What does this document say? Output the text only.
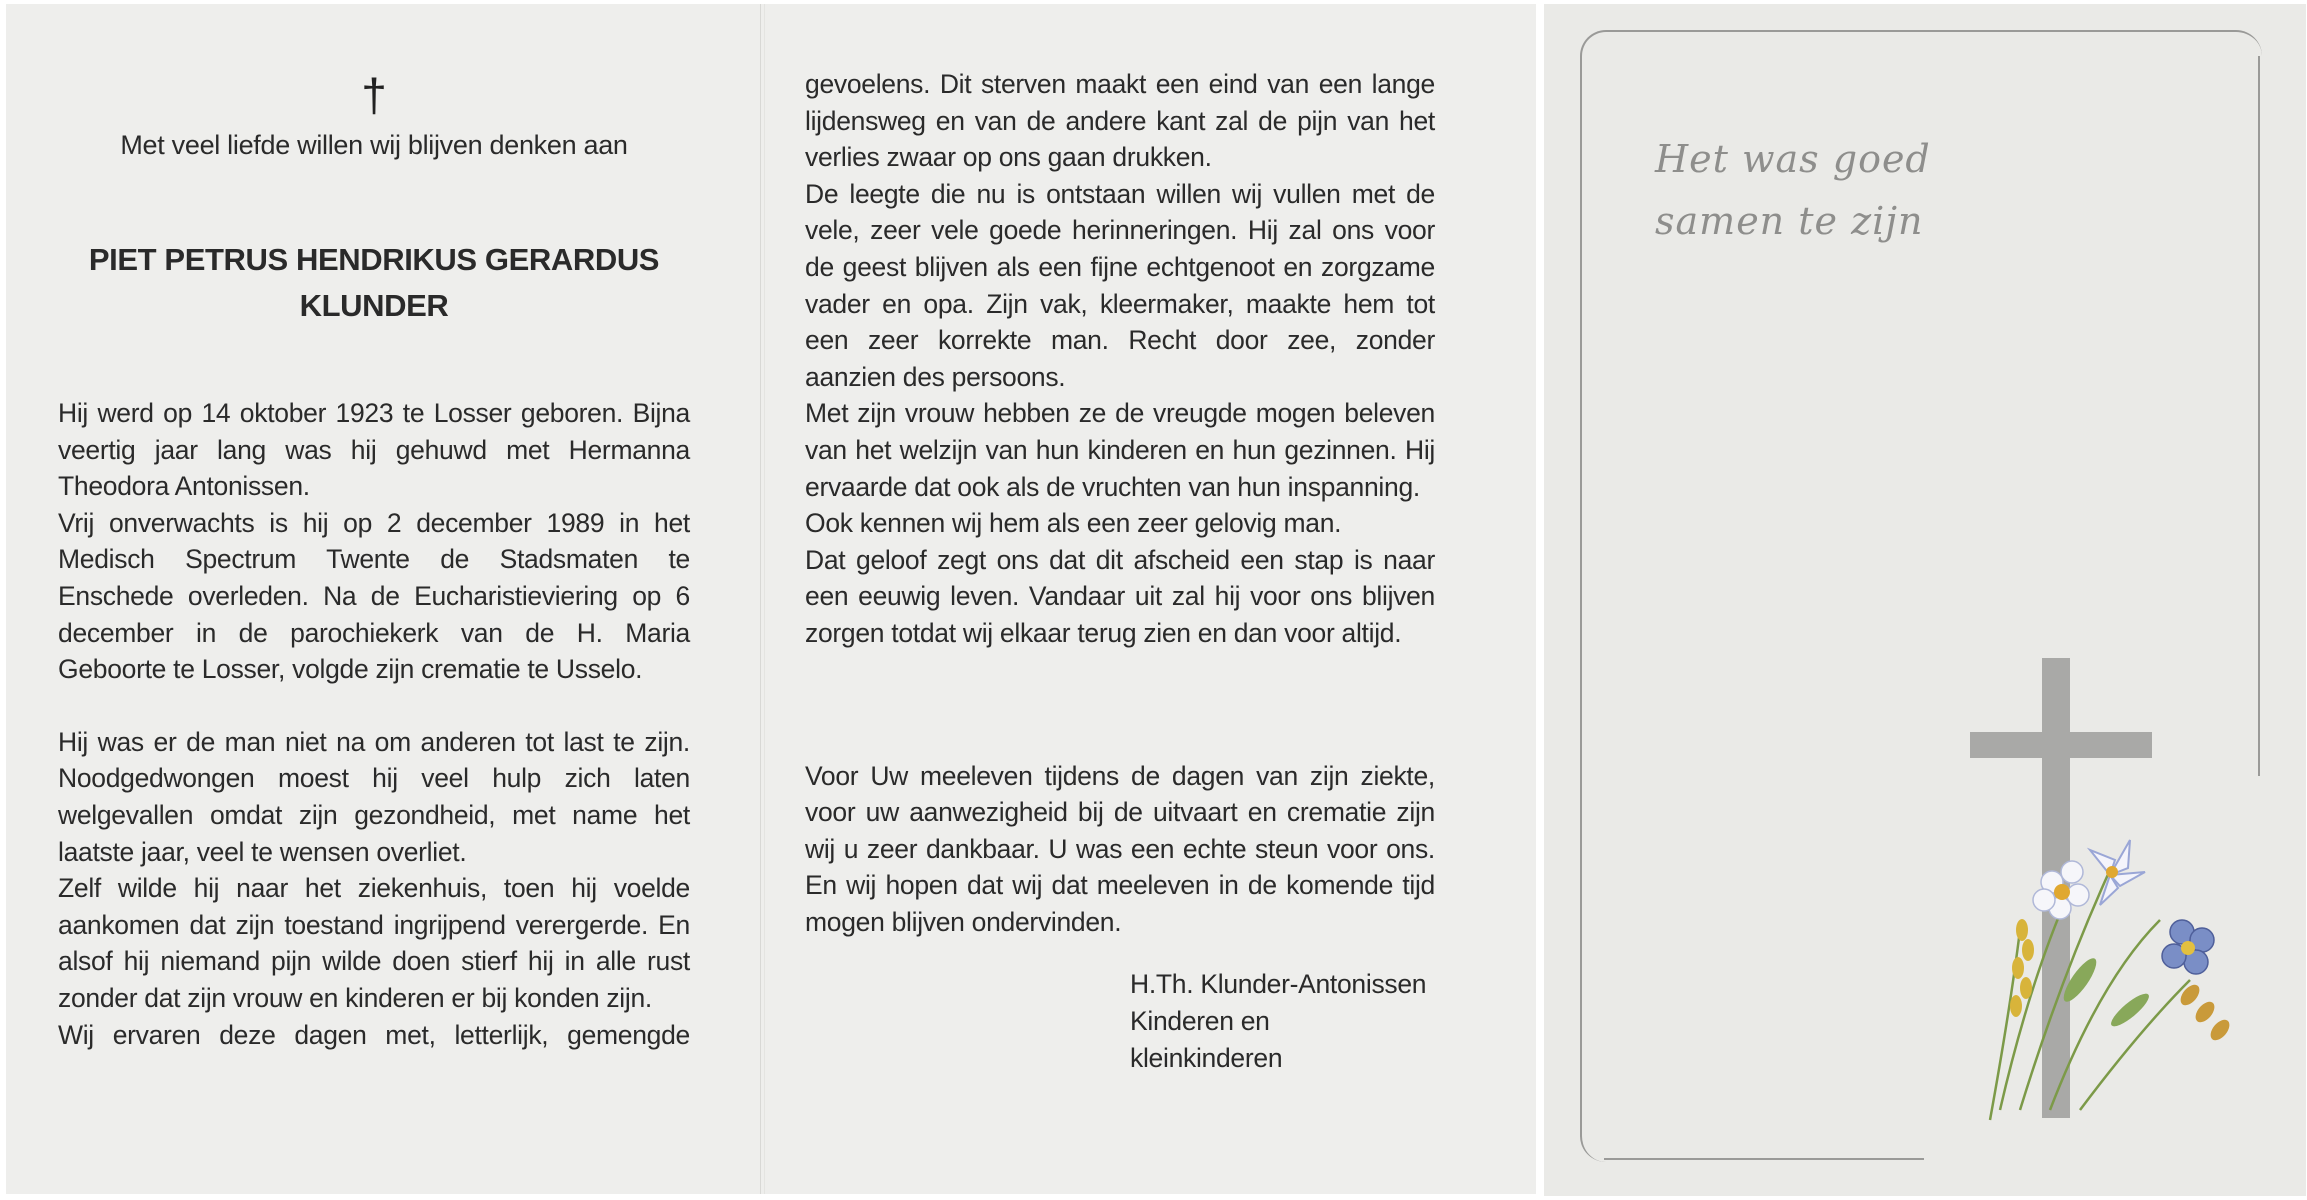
†
Met veel liefde willen wij blijven denken aan
PIET PETRUS HENDRIKUS GERARDUS
KLUNDER

Hij werd op 14 oktober 1923 te Losser geboren. Bijna veertig jaar lang was hij gehuwd met Hermanna Theodora Antonissen.

Vrij onverwachts is hij op 2 december 1989 in het Medisch Spectrum Twente de Stadsmaten te Enschede overleden. Na de Eucharistieviering op 6 december in de parochiekerk van de H. Maria Geboorte te Losser, volgde zijn crematie te Usselo.

Hij was er de man niet na om anderen tot last te zijn. Noodgedwongen moest hij veel hulp zich laten welgevallen omdat zijn gezondheid, met name het laatste jaar, veel te wensen overliet.

Zelf wilde hij naar het ziekenhuis, toen hij voelde aankomen dat zijn toestand ingrijpend verergerde. En alsof hij niemand pijn wilde doen stierf hij in alle rust zonder dat zijn vrouw en kinderen er bij konden zijn.

Wij ervaren deze dagen met, letterlijk, gemengde

gevoelens. Dit sterven maakt een eind van een lange lijdensweg en van de andere kant zal de pijn van het verlies zwaar op ons gaan drukken.

De leegte die nu is ontstaan willen wij vullen met de vele, zeer vele goede herinneringen. Hij zal ons voor de geest blijven als een fijne echtgenoot en zorgzame vader en opa. Zijn vak, kleermaker, maakte hem tot een zeer korrekte man. Recht door zee, zonder aanzien des persoons.

Met zijn vrouw hebben ze de vreugde mogen beleven van het welzijn van hun kinderen en hun gezinnen. Hij ervaarde dat ook als de vruchten van hun inspanning.

Ook kennen wij hem als een zeer gelovig man.

Dat geloof zegt ons dat dit afscheid een stap is naar een eeuwig leven. Vandaar uit zal hij voor ons blijven zorgen totdat wij elkaar terug zien en dan voor altijd.

Voor Uw meeleven tijdens de dagen van zijn ziekte, voor uw aanwezigheid bij de uitvaart en crematie zijn wij u zeer dankbaar. U was een echte steun voor ons. En wij hopen dat wij dat meeleven in de komende tijd mogen blijven ondervinden.

H.Th. Klunder-Antonissen
Kinderen en
kleinkinderen
Het was goed
samen te zijn
